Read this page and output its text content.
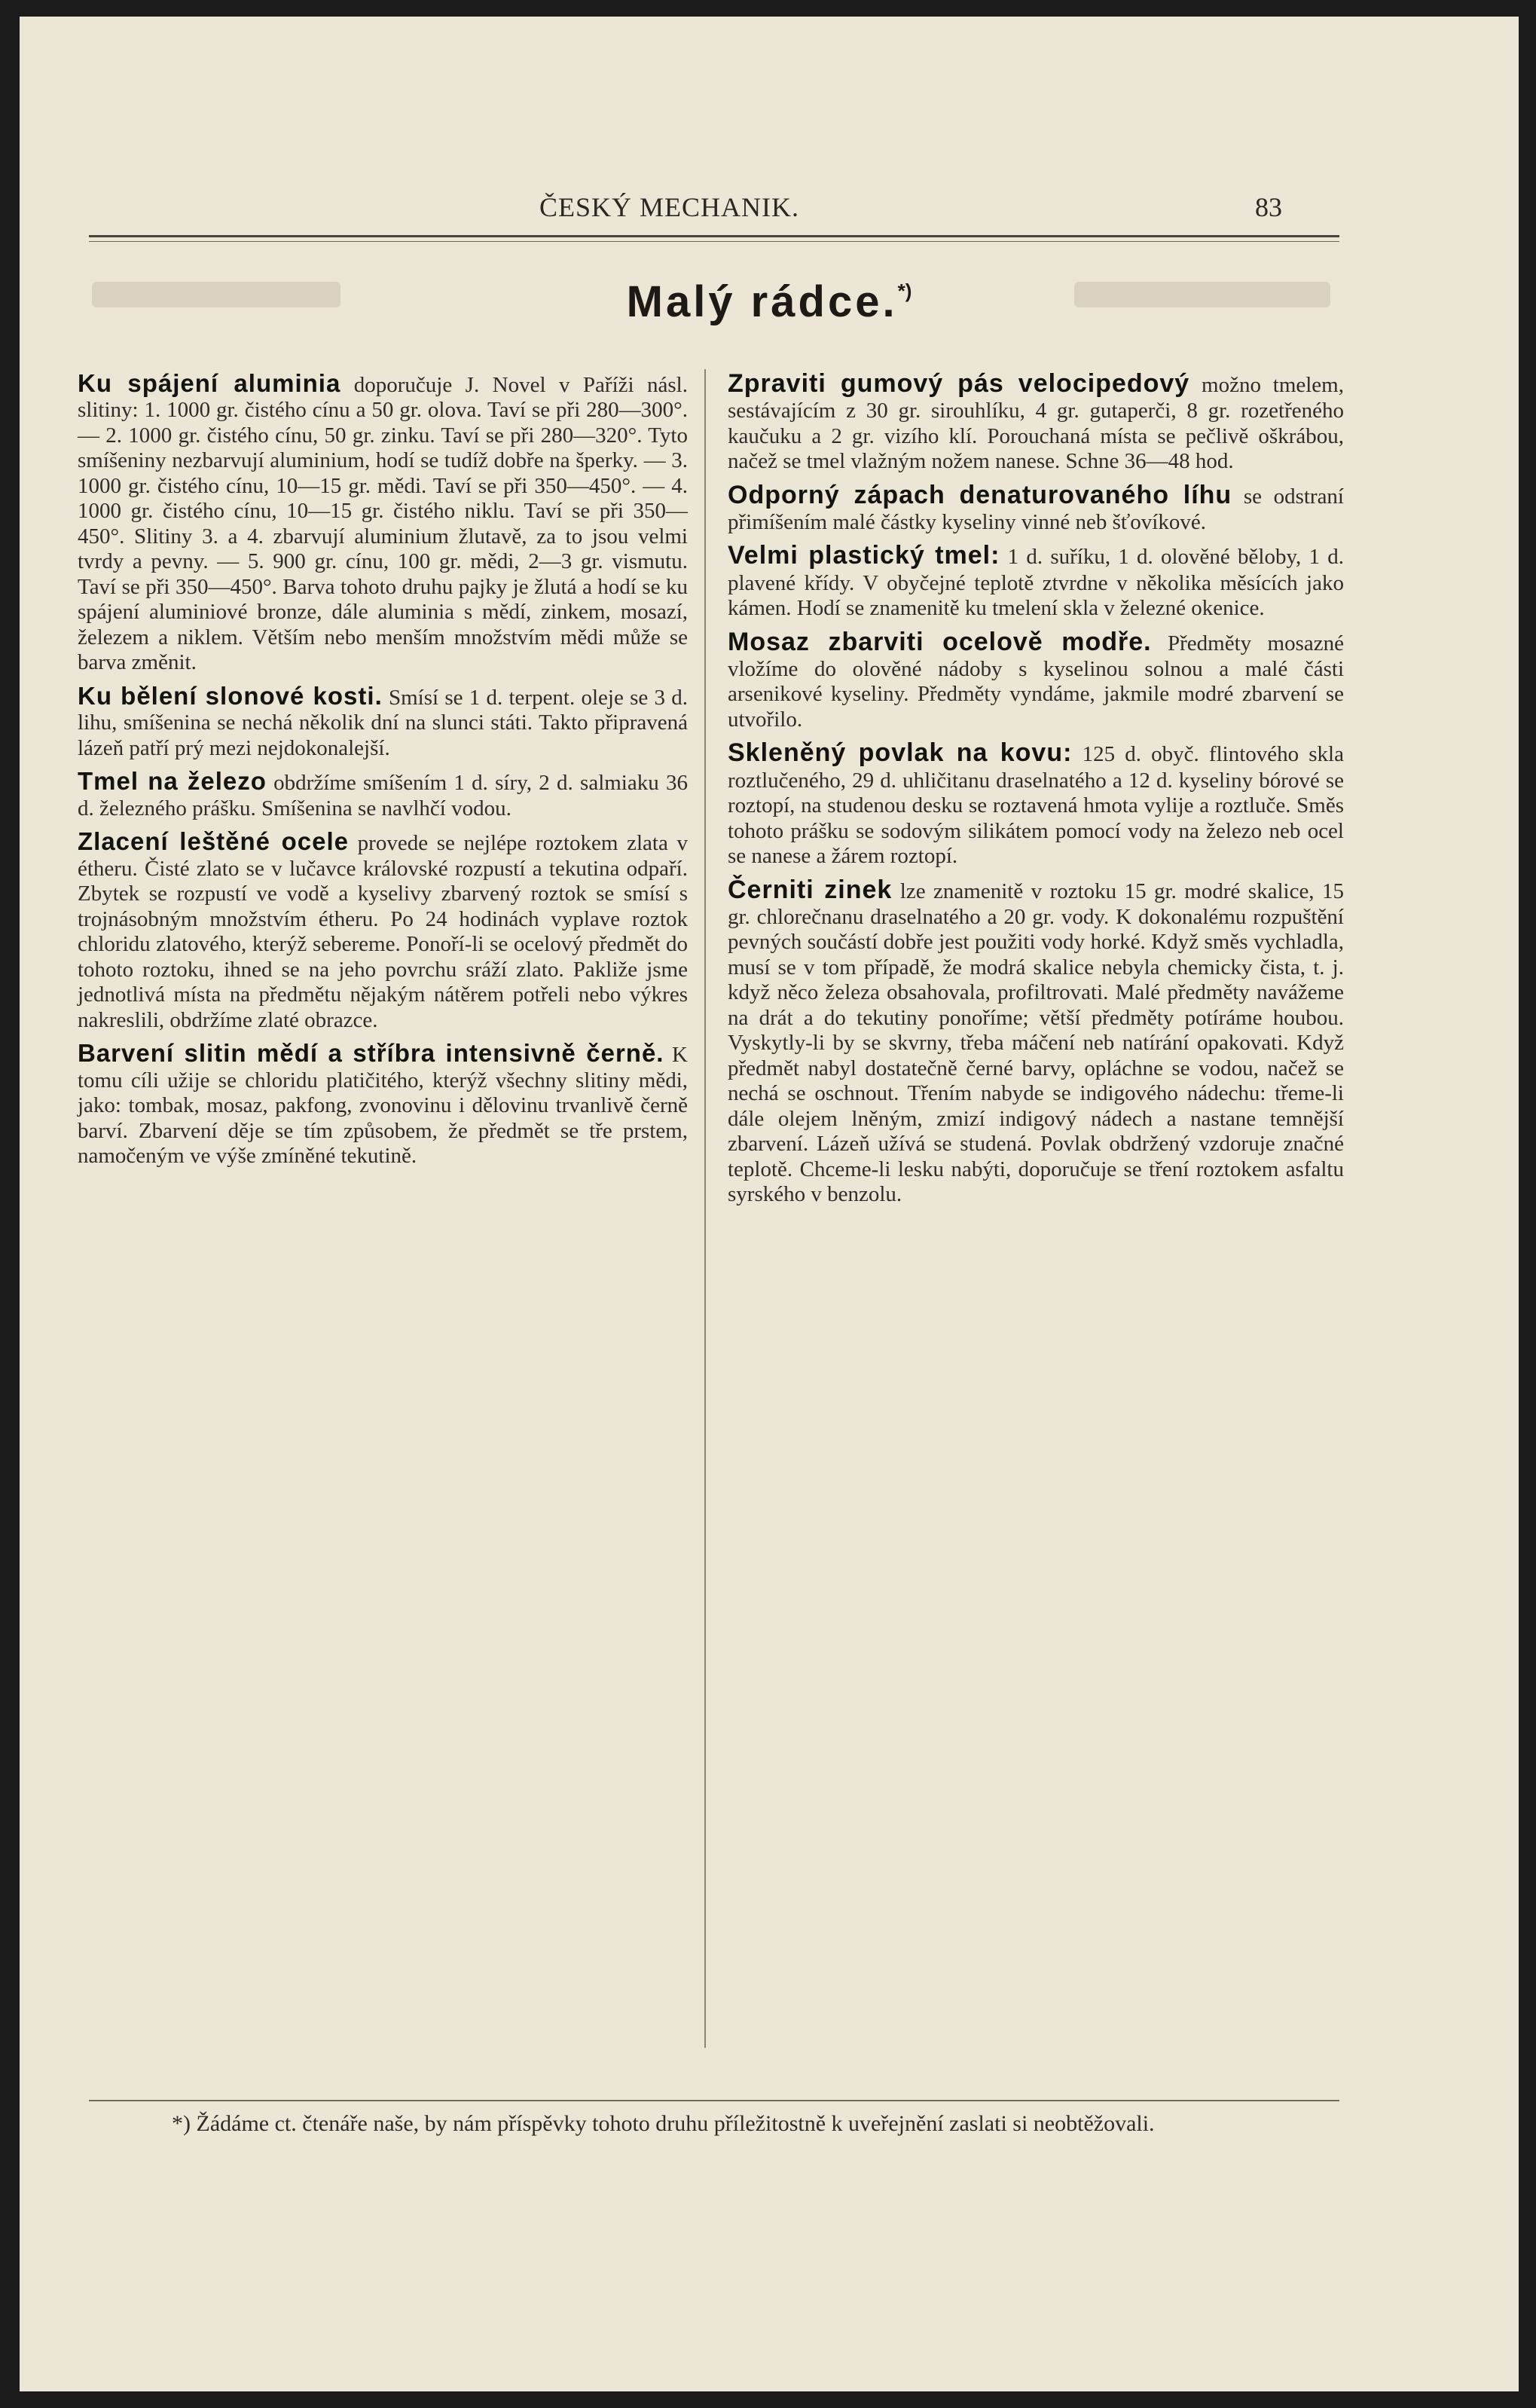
ČESKÝ MECHANIK.	83
Malý rádce.*)

Ku spájení aluminia doporučuje J. Novel v Paříži násl. slitiny: 1. 1000 gr. čistého cínu a 50 gr. olova. Taví se při 280—300°. — 2. 1000 gr. čistého cínu, 50 gr. zinku. Taví se při 280—320°. Tyto smíšeniny nezbarvují aluminium, hodí se tudíž dobře na šperky. — 3. 1000 gr. čistého cínu, 10—15 gr. mědi. Taví se při 350—450°. — 4. 1000 gr. čistého cínu, 10—15 gr. čistého niklu. Taví se při 350—450°. Slitiny 3. a 4. zbarvují aluminium žlutavě, za to jsou velmi tvrdy a pevny. — 5. 900 gr. cínu, 100 gr. mědi, 2—3 gr. vismutu. Taví se při 350—450°. Barva tohoto druhu pajky je žlutá a hodí se ku spájení aluminiové bronze, dále aluminia s mědí, zinkem, mosazí, železem a niklem. Větším nebo menším množstvím mědi může se barva změnit.

Ku bělení slonové kosti. Smísí se 1 d. terpent. oleje se 3 d. lihu, smíšenina se nechá několik dní na slunci státi. Takto připravená lázeň patří prý mezi nejdokonalejší.

Tmel na železo obdržíme smíšením 1 d. síry, 2 d. salmiaku 36 d. železného prášku. Smíšenina se navlhčí vodou.

Zlacení leštěné ocele provede se nejlépe roztokem zlata v étheru. Čisté zlato se v lučavce královské rozpustí a tekutina odpaří. Zbytek se rozpustí ve vodě a kyselivy zbarvený roztok se smísí s trojnásobným množstvím étheru. Po 24 hodinách vyplave roztok chloridu zlatového, kterýž sebereme. Ponoří-li se ocelový předmět do tohoto roztoku, ihned se na jeho povrchu sráží zlato. Pakliže jsme jednotlivá místa na předmětu nějakým nátěrem potřeli nebo výkres nakreslili, obdržíme zlaté obrazce.

Barvení slitin mědí a stříbra intensivně černě. K tomu cíli užije se chloridu platičitého, kterýž všechny slitiny mědi, jako: tombak, mosaz, pakfong, zvonovinu i dělovinu trvanlivě černě barví. Zbarvení děje se tím způsobem, že předmět se tře prstem, namočeným ve výše zmíněné tekutině.

Zpraviti gumový pás velocipedový možno tmelem, sestávajícím z 30 gr. sirouhlíku, 4 gr. gutaperči, 8 gr. rozetřeného kaučuku a 2 gr. vizího klí. Porouchaná místa se pečlivě oškrábou, načež se tmel vlažným nožem nanese. Schne 36—48 hod.

Odporný zápach denaturovaného líhu se odstraní přimíšením malé částky kyseliny vinné neb šťovíkové.

Velmi plastický tmel: 1 d. suříku, 1 d. olověné běloby, 1 d. plavené křídy. V obyčejné teplotě ztvrdne v několika měsících jako kámen. Hodí se znamenitě ku tmelení skla v železné okenice.

Mosaz zbarviti ocelově modře. Předměty mosazné vložíme do olověné nádoby s kyselinou solnou a malé části arsenikové kyseliny. Předměty vyndáme, jakmile modré zbarvení se utvořilo.

Skleněný povlak na kovu: 125 d. obyč. flintového skla roztlučeného, 29 d. uhličitanu draselnatého a 12 d. kyseliny bórové se roztopí, na studenou desku se roztavená hmota vylije a roztluče. Směs tohoto prášku se sodovým silikátem pomocí vody na železo neb ocel se nanese a žárem roztopí.

Černiti zinek lze znamenitě v roztoku 15 gr. modré skalice, 15 gr. chlorečnanu draselnatého a 20 gr. vody. K dokonalému rozpuštění pevných součástí dobře jest použiti vody horké. Když směs vychladla, musí se v tom případě, že modrá skalice nebyla chemicky čista, t. j. když něco železa obsahovala, profiltrovati. Malé předměty navážeme na drát a do tekutiny ponoříme; větší předměty potíráme houbou. Vyskytly-li by se skvrny, třeba máčení neb natírání opakovati. Když předmět nabyl dostatečně černé barvy, opláchne se vodou, načež se nechá se oschnout. Třením nabyde se indigového nádechu: třeme-li dále olejem lněným, zmizí indigový nádech a nastane temnější zbarvení. Lázeň užívá se studená. Povlak obdržený vzdoruje značné teplotě. Chceme-li lesku nabýti, doporučuje se tření roztokem asfaltu syrského v benzolu.

*) Žádáme ct. čtenáře naše, by nám příspěvky tohoto druhu příležitostně k uveřejnění zaslati si neobtěžovali.
